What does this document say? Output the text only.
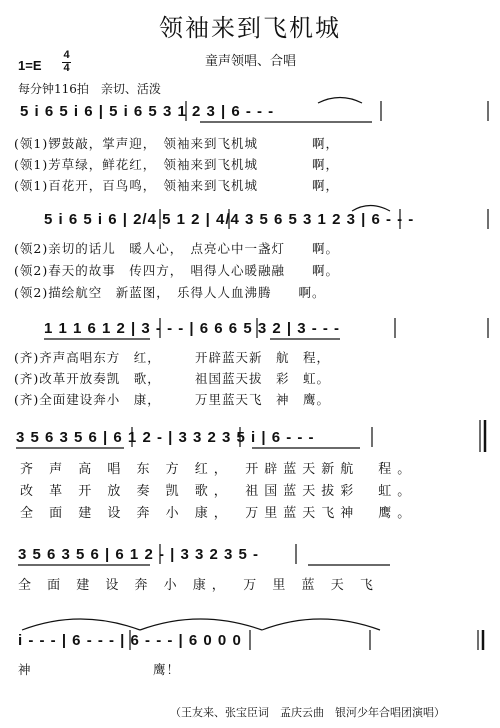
领袖来到飞机城
童声领唱、合唱
1=E
4
4
每分钟116拍　亲切、活泼
5 i 6 5 i 6 | 5 i 6 5 3 1 2 3 | 6 - - -
(领1)锣鼓敲，掌声迎，　领袖来到飞机城　　　　啊，
(领1)芳草绿，鲜花红，　领袖来到飞机城　　　　啊，
(领1)百花开，百鸟鸣，　领袖来到飞机城　　　　啊，
5 i 6 5 i 6 | 2/4 5 1 2 | 4/4 3 5 6 5 3 1 2 3 | 6 - - -
(领2)亲切的话儿　暖人心，　点亮心中一盏灯　　啊。
(领2)春天的故事　传四方，　唱得人心暖融融　　啊。
(领2)描绘航空　新蓝图，　乐得人人血沸腾　　啊。
1 1 1 6 1 2 | 3 - - - | 6 6 6 5 3 2 | 3 - - -
(齐)齐声高唱东方　红，　　　开辟蓝天新　航　程，
(齐)改革开放奏凯　歌，　　　祖国蓝天拔　彩　虹。
(齐)全面建设奔小　康，　　　万里蓝天飞　神　鹰。
3 5 6 3 5 6 | 6 1 2 - | 3 3 2 3 5 i | 6 - - -
齐 声 高 唱 东 方 红，　开辟蓝天新航　程。
改 革 开 放 奏 凯 歌，　祖国蓝天拔彩　虹。
全 面 建 设 奔 小 康，　万里蓝天飞神　鹰。
3 5 6 3 5 6 | 6 1 2 - | 3 3 2 3 5 -
全 面 建 设 奔 小 康，　万 里 蓝 天 飞
i - - - | 6 - - - | 6 - - - | 6 0 0 0
神　　　　　　　　　鹰！
（王友来、张宝臣词　孟庆云曲　银河少年合唱团演唱）
